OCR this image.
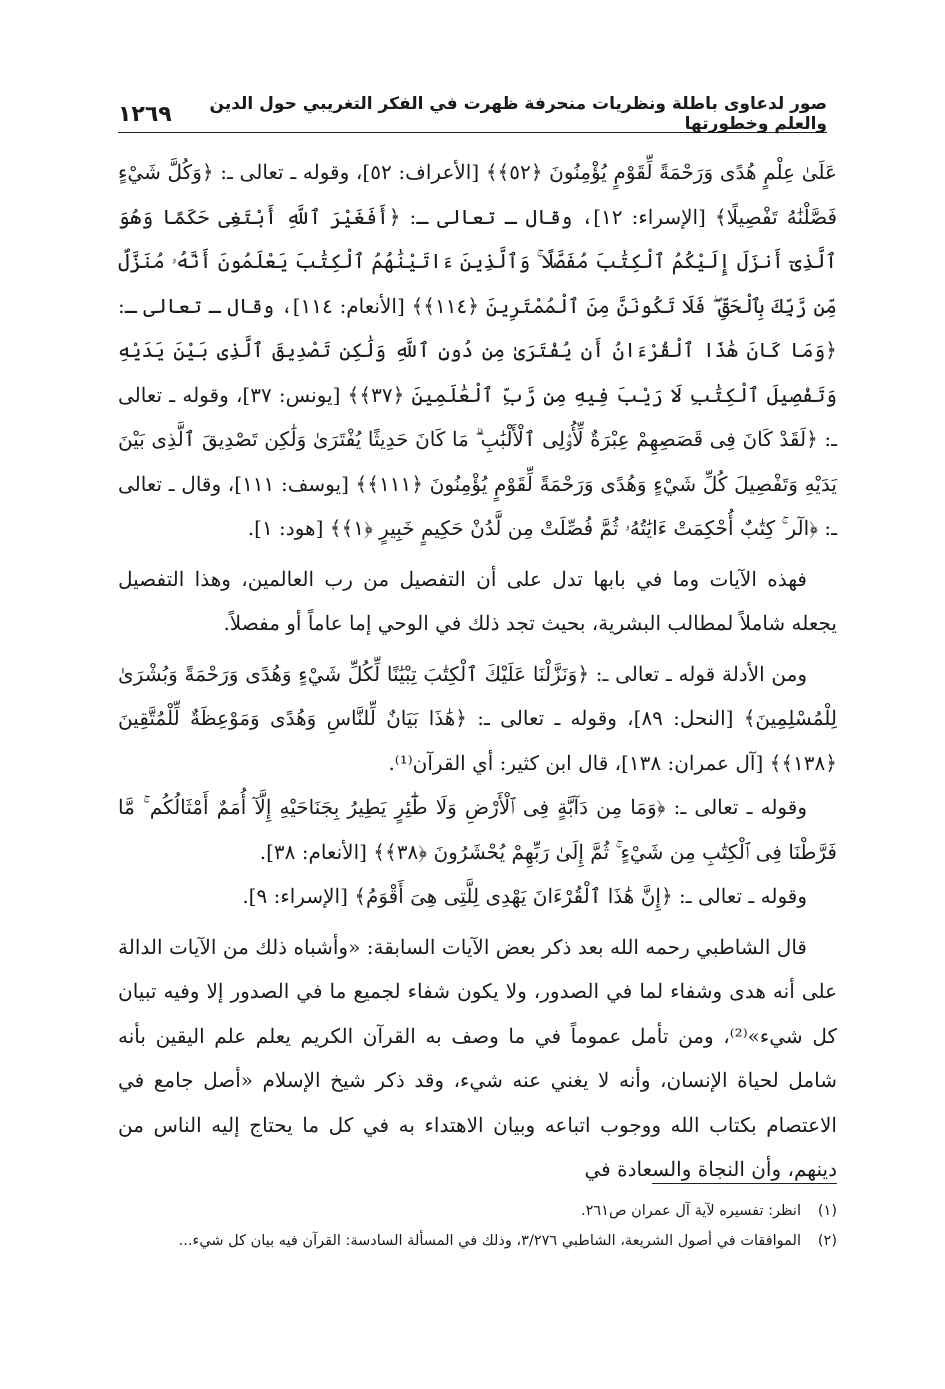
صور لدعاوى باطلة ونظريات منحرفة ظهرت في الفكر التغريبي حول الدين والعلم وخطورتها
١٢٦٩

عَلَىٰ عِلْمٍ هُدًى وَرَحْمَةً لِّقَوْمٍ يُؤْمِنُونَ ﴿٥٢﴾﴾ [الأعراف: ٥٢]، وقوله ـ تعالى ـ: ﴿وَكُلَّ شَيْءٍ فَصَّلْنَٰهُ تَفْصِيلًا﴾ [الإسراء: ١٢]، وقال ـ تعالى ـ: ﴿أَفَغَيْرَ ٱللَّهِ أَبْتَغِى حَكَمًا وَهُوَ ٱلَّذِىٓ أَنزَلَ إِلَيْكُمُ ٱلْكِتَٰبَ مُفَصَّلًا ۚ وَٱلَّذِينَ ءَاتَيْنَٰهُمُ ٱلْكِتَٰبَ يَعْلَمُونَ أَنَّهُۥ مُنَزَّلٌ مِّن رَّبِّكَ بِٱلْحَقِّ ۖ فَلَا تَكُونَنَّ مِنَ ٱلْمُمْتَرِينَ ﴿١١٤﴾﴾ [الأنعام: ١١٤]، وقال ـ تعالى ـ: ﴿وَمَا كَانَ هَٰذَا ٱلْقُرْءَانُ أَن يُفْتَرَىٰ مِن دُونِ ٱللَّهِ وَلَٰكِن تَصْدِيقَ ٱلَّذِى بَيْنَ يَدَيْهِ وَتَفْصِيلَ ٱلْكِتَٰبِ لَا رَيْبَ فِيهِ مِن رَّبِّ ٱلْعَٰلَمِينَ ﴿٣٧﴾﴾ [يونس: ٣٧]، وقوله ـ تعالى ـ: ﴿لَقَدْ كَانَ فِى قَصَصِهِمْ عِبْرَةٌ لِّأُو۟لِى ٱلْأَلْبَٰبِ ۗ مَا كَانَ حَدِيثًا يُفْتَرَىٰ وَلَٰكِن تَصْدِيقَ ٱلَّذِى بَيْنَ يَدَيْهِ وَتَفْصِيلَ كُلِّ شَيْءٍ وَهُدًى وَرَحْمَةً لِّقَوْمٍ يُؤْمِنُونَ ﴿١١١﴾﴾ [يوسف: ١١١]، وقال ـ تعالى ـ: ﴿الٓر ۚ كِتَٰبٌ أُحْكِمَتْ ءَايَٰتُهُۥ ثُمَّ فُصِّلَتْ مِن لَّدُنْ حَكِيمٍ خَبِيرٍ ﴿١﴾﴾ [هود: ١].

فهذه الآيات وما في بابها تدل على أن التفصيل من رب العالمين، وهذا التفصيل يجعله شاملاً لمطالب البشرية، بحيث تجد ذلك في الوحي إما عاماً أو مفصلاً.

ومن الأدلة قوله ـ تعالى ـ: ﴿وَنَزَّلْنَا عَلَيْكَ ٱلْكِتَٰبَ تِبْيَٰنًا لِّكُلِّ شَيْءٍ وَهُدًى وَرَحْمَةً وَبُشْرَىٰ لِلْمُسْلِمِينَ﴾ [النحل: ٨٩]، وقوله ـ تعالى ـ: ﴿هَٰذَا بَيَانٌ لِّلنَّاسِ وَهُدًى وَمَوْعِظَةٌ لِّلْمُتَّقِينَ ﴿١٣٨﴾﴾ [آل عمران: ١٣٨]، قال ابن كثير: أي القرآن⁽¹⁾.

وقوله ـ تعالى ـ: ﴿وَمَا مِن دَآبَّةٍ فِى ٱلْأَرْضِ وَلَا طَٰٓئِرٍ يَطِيرُ بِجَنَاحَيْهِ إِلَّآ أُمَمٌ أَمْثَالُكُم ۚ مَّا فَرَّطْنَا فِى ٱلْكِتَٰبِ مِن شَيْءٍ ۚ ثُمَّ إِلَىٰ رَبِّهِمْ يُحْشَرُونَ ﴿٣٨﴾﴾ [الأنعام: ٣٨].

وقوله ـ تعالى ـ: ﴿إِنَّ هَٰذَا ٱلْقُرْءَانَ يَهْدِى لِلَّتِى هِىَ أَقْوَمُ﴾ [الإسراء: ٩].

قال الشاطبي رحمه الله بعد ذكر بعض الآيات السابقة: «وأشباه ذلك من الآيات الدالة على أنه هدى وشفاء لما في الصدور، ولا يكون شفاء لجميع ما في الصدور إلا وفيه تبيان كل شيء»⁽²⁾، ومن تأمل عموماً في ما وصف به القرآن الكريم يعلم علم اليقين بأنه شامل لحياة الإنسان، وأنه لا يغني عنه شيء، وقد ذكر شيخ الإسلام «أصل جامع في الاعتصام بكتاب الله ووجوب اتباعه وبيان الاهتداء به في كل ما يحتاج إليه الناس من دينهم، وأن النجاة والسعادة في

(١)
انظر: تفسيره لآية آل عمران ص٢٦١.

(٢)
الموافقات في أصول الشريعة، الشاطبي ٣/٢٧٦، وذلك في المسألة السادسة: القرآن فيه بيان كل شيء...
